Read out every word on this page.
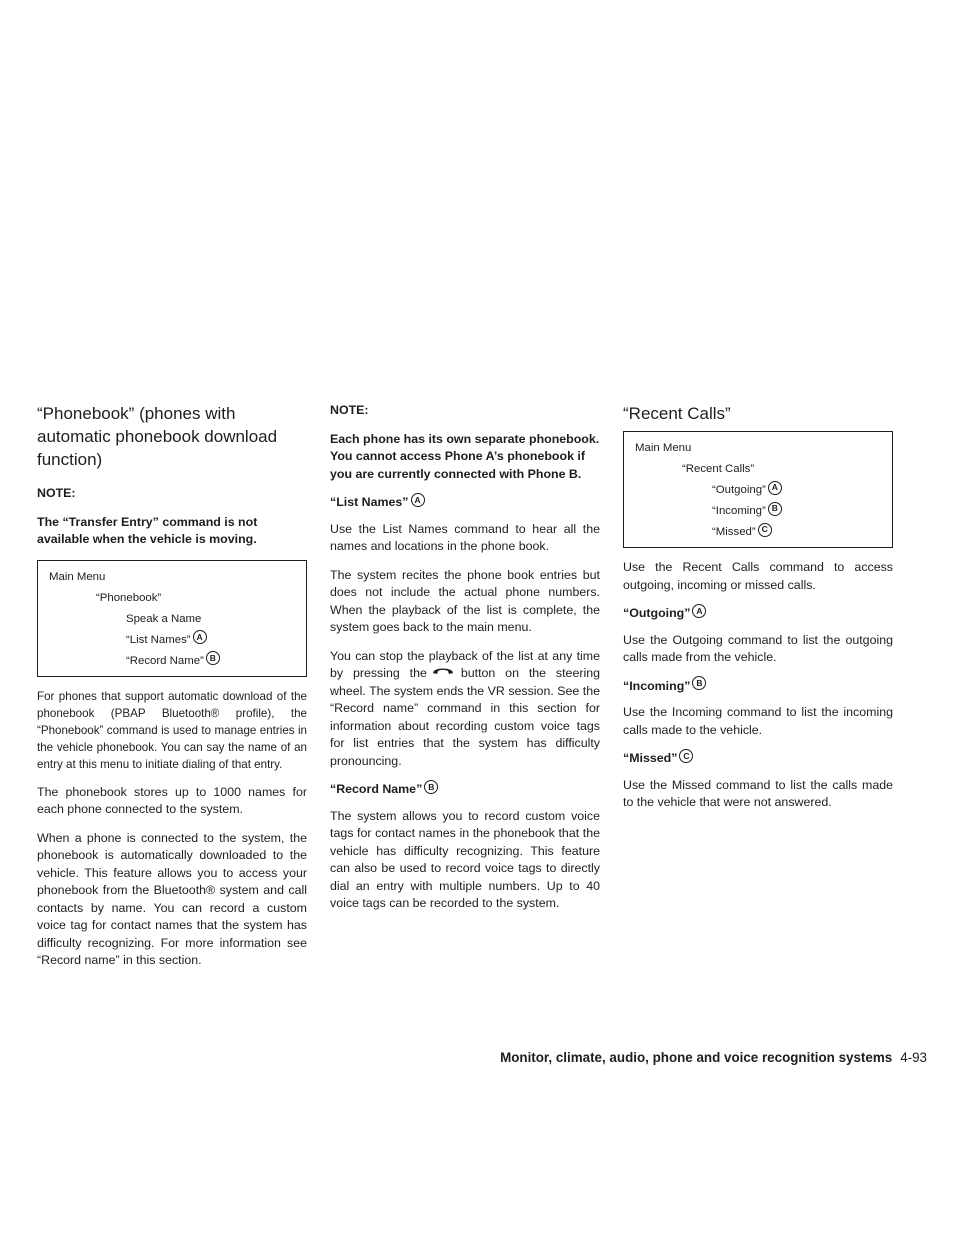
“Phonebook” (phones with automatic phonebook download function)

NOTE:

The “Transfer Entry” command is not available when the vehicle is moving.

Main Menu
“Phonebook”
Speak a Name
“List Names” A
“Record Name” B

For phones that support automatic download of the phonebook (PBAP Bluetooth® profile), the “Phonebook” command is used to manage entries in the vehicle phonebook. You can say the name of an entry at this menu to initiate dialing of that entry.

The phonebook stores up to 1000 names for each phone connected to the system.

When a phone is connected to the system, the phonebook is automatically downloaded to the vehicle. This feature allows you to access your phonebook from the Bluetooth® system and call contacts by name. You can record a custom voice tag for contact names that the system has difficulty recognizing. For more information see “Record name” in this section.

NOTE:

Each phone has its own separate phonebook. You cannot access Phone A’s phonebook if you are currently connected with Phone B.

“List Names” A

Use the List Names command to hear all the names and locations in the phone book.

The system recites the phone book entries but does not include the actual phone numbers. When the playback of the list is complete, the system goes back to the main menu.

You can stop the playback of the list at any time by pressing the	button on the steering wheel. The system ends the VR session. See the “Record name” command in this section for information about recording custom voice tags for list entries that the system has difficulty pronouncing.

“Record Name” B

The system allows you to record custom voice tags for contact names in the phonebook that the vehicle has difficulty recognizing. This feature can also be used to record voice tags to directly dial an entry with multiple numbers. Up to 40 voice tags can be recorded to the system.

“Recent Calls”
Main Menu
“Recent Calls”
“Outgoing” A
“Incoming” B
“Missed” C

Use the Recent Calls command to access outgoing, incoming or missed calls.

“Outgoing” A

Use the Outgoing command to list the outgoing calls made from the vehicle.

“Incoming” B

Use the Incoming command to list the incoming calls made to the vehicle.

“Missed” C

Use the Missed command to list the calls made to the vehicle that were not answered.

Monitor, climate, audio, phone and voice recognition systems 4-93
